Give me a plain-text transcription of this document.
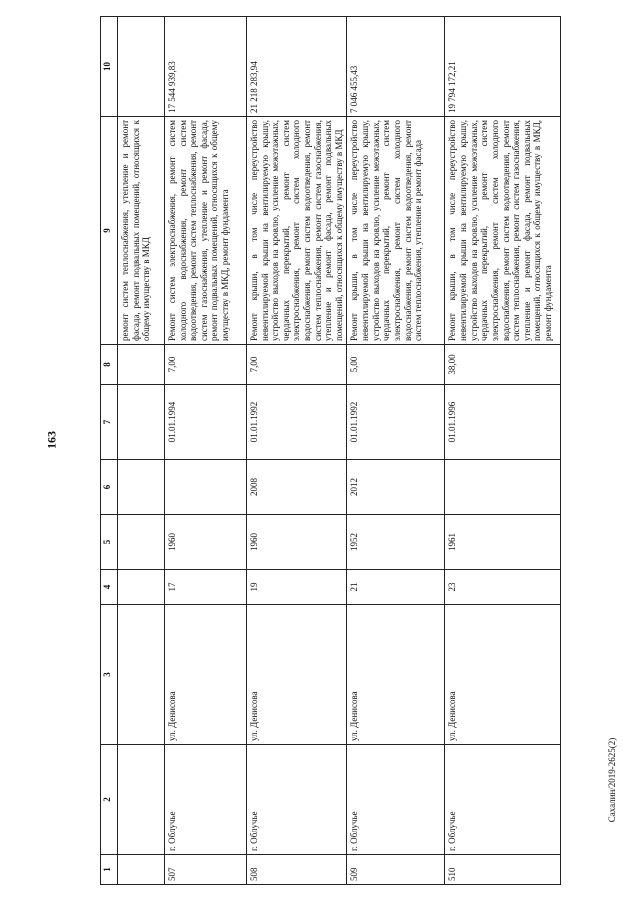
163
Сахалин/2019-2625(2)
1	2	3	4	5	6	7	8	9	10
								ремонт систем теплоснабжения, утепление и ремонт фасада, ремонт подвальных помещений, относящихся к общему имуществу в МКД	
507	г. Облучье	ул. Денисова	17	1960		01.01.1994	7,00	Ремонт систем электроснабжения, ремонт систем холодного водоснабжения, ремонт систем водоотведения, ремонт систем теплоснабжения, ремонт систем газоснабжения, утепление и ремонт фасада, ремонт подвальных помещений, относящихся к общему имуществу в МКД, ремонт фундамента	17 544 939,83
508	г. Облучье	ул. Денисова	19	1960	2008	01.01.1992	7,00	Ремонт крыши, в том числе переустройство невентилируемой крыши на вентилируемую крышу, устройство выходов на кровлю, усиление межэтажных, чердачных перекрытий, ремонт систем электроснабжения, ремонт систем холодного водоснабжения, ремонт систем водоотведения, ремонт систем теплоснабжения, ремонт систем газоснабжения, утепление и ремонт фасада, ремонт подвальных помещений, относящихся к общему имуществу в МКД	21 218 283,94
509	г. Облучье	ул. Денисова	21	1952	2012	01.01.1992	5,00	Ремонт крыши, в том числе переустройство невентилируемой крыши на вентилируемую крышу, устройство выходов на кровлю, усиление межэтажных, чердачных перекрытий, ремонт систем электроснабжения, ремонт систем холодного водоснабжения, ремонт систем водоотведения, ремонт систем теплоснабжения, утепление и ремонт фасада	7 046 455,43
510	г. Облучье	ул. Денисова	23	1961		01.01.1996	38,00	Ремонт крыши, в том числе переустройство невентилируемой крыши на вентилируемую крышу, устройство выходов на кровлю, усиление межэтажных, чердачных перекрытий, ремонт систем электроснабжения, ремонт систем холодного водоснабжения, ремонт систем водоотведения, ремонт систем теплоснабжения, ремонт систем газоснабжения, утепление и ремонт фасада, ремонт подвальных помещений, относящихся к общему имуществу в МКД, ремонт фундамента	19 794 172,21
